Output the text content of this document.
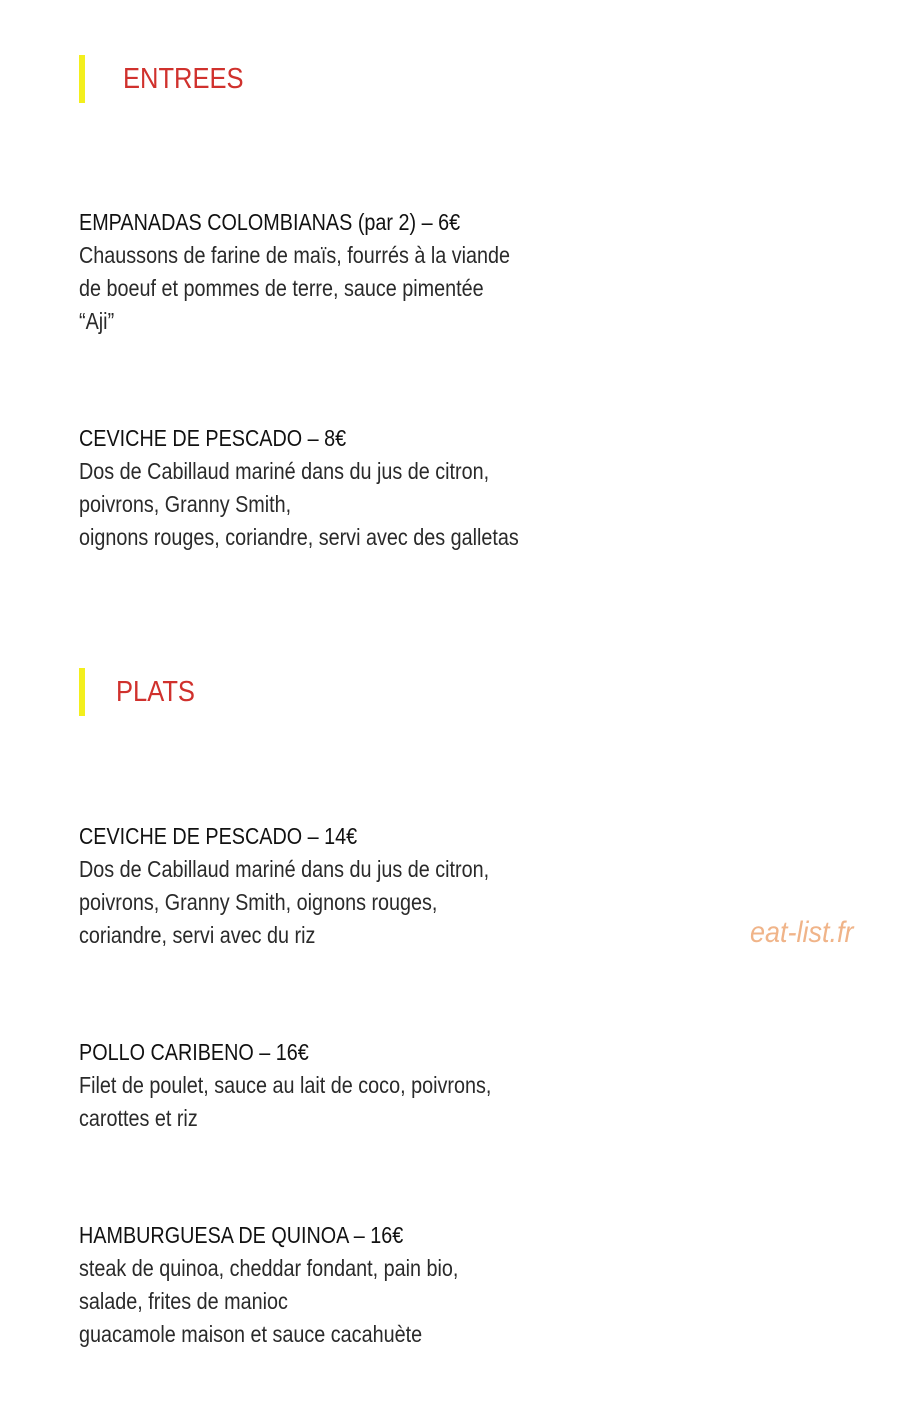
ENTREES
EMPANADAS COLOMBIANAS (par 2) – 6€
Chaussons de farine de maïs, fourrés à la viande
de boeuf et pommes de terre, sauce pimentée
“Aji”
CEVICHE DE PESCADO – 8€
Dos de Cabillaud mariné dans du jus de citron,
poivrons, Granny Smith,
oignons rouges, coriandre, servi avec des galletas
PLATS
CEVICHE DE PESCADO – 14€
Dos de Cabillaud mariné dans du jus de citron,
poivrons, Granny Smith, oignons rouges,
coriandre, servi avec du riz
POLLO CARIBENO – 16€
Filet de poulet, sauce au lait de coco, poivrons,
carottes et riz
HAMBURGUESA DE QUINOA – 16€
steak de quinoa, cheddar fondant, pain bio,
salade, frites de manioc
guacamole maison et sauce cacahuète
eat-list.fr
